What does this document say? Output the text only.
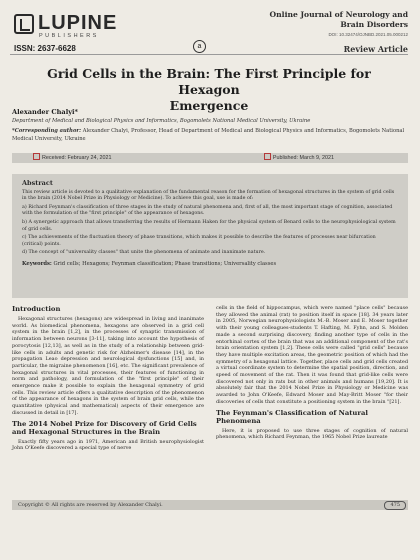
LUPINE
PUBLISHERS
ISSN: 2637-6628	a
Online Journal of Neurology and
Brain Disorders
DOI: 10.32474/OJNBD.2021.05.000212
Review Article
Grid Cells in the Brain: The First Principle for Hexagon
Emergence
Alexander Chalyi*
Department of Medical and Biological Physics and Informatics, Bogomolets National Medical University, Ukraine
*Corresponding author: Alexander Chalyi, Professor, Head of Department of Medical and Biological Physics and Informatics, Bogomolets National Medical University, Ukraine
Received: February 24, 2021	Published: March 9, 2021
Abstract
This review article is devoted to a qualitative explanation of the fundamental reason for the formation of hexagonal structures in the system of grid cells in the brain (2014 Nobel Prize in Physiology or Medicine). To achieve this goal, use is made of:
a) Richard Feynman's classification of three stages in the study of natural phenomena and, first of all, the most important stage of cognition, associated with the formulation of the "first principle" of the appearance of hexagons.
b) A synergetic approach that allows transferring the results of Hermann Haken for the physical system of Benard cells to the neurophysiological system of grid cells.
c) The achievements of the fluctuation theory of phase transitions, which makes it possible to describe the features of processes near bifurcation (critical) points.
d) The concept of "universality classes" that unite the phenomena of animate and inanimate nature.
Keywords: Grid cells; Hexagons; Feynman classification; Phase transitions; Universality classes
Introduction

Hexagonal structures (hexagons) are widespread in living and inanimate world. As biomedical phenomena, hexagons are observed in a grid cell system in the brain [1,2], in the processes of synaptic transmission of information between neurons [3-11], taking into account the hypothesis of porocytosis [12,13], as well as in the study of a relationship between grid-like cells in adults and genetic risk for Alzheimer's disease [14], in the propagation Leao depression and neurological dysfunctions [15] and, in particular, the migraine phenomenon [16], etc. The significant prevalence of hexagonal structures in vital processes, their features of functioning in norm and pathology, and formulation of the "first principle" of their emergence make it possible to explain the hexagonal symmetry of grid cells. This review article offers a qualitative description of the phenomenon of the appearance of hexagons in the system of brain grid cells, while the quantitative (physical and mathematical) aspects of their emergence are discussed in detail in [17].

The 2014 Nobel Prize for Discovery of Grid Cells and Hexagonal Structures in the Brain

Exactly fifty years ago in 1971, American and British neurophysiologist John O'Keefe discovered a special type of nerve

cells in the field of hippocampus, which were named "place cells" because they allowed the animal (rat) to position itself in space [18]. 34 years later in 2005, Norwegian neurophysiologists M.-B. Moser and E. Moser together with their young colleagues-students T. Hafting, M. Fyhn, and S. Molden made a second surprising discovery, finding another type of cells in the entorhinal cortex of the brain that was an additional component of the rat's brain orientation system [1,2]. These cells were called "grid cells" because they have multiple excitation areas, the geometric position of which had the symmetry of a hexagonal lattice. Together, place cells and grid cells created a virtual coordinate system to determine the spatial position, direction, and speed of movement of the rat. Then it was found that grid-like cells were discovered not only in rats but in other animals and humans [19,20]. It is absolutely fair that the 2014 Nobel Prize in Physiology or Medicine was awarded to John O'Keefe, Edward Moser and May-Britt Moser "for their discoveries of cells that constitute a positioning system in the brain "[21].

The Feynman's Classification of Natural Phenomena

Here, it is proposed to use three stages of cognition of natural phenomena, which Richard Feynman, the 1965 Nobel Prize laureate

Copyright © All rights are reserved by Alexander Chalyi.	475
